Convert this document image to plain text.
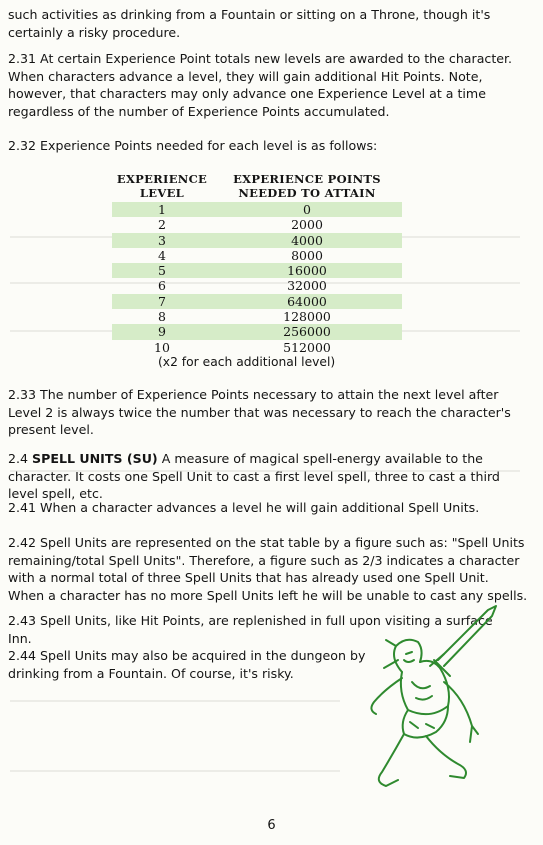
such activities as drinking from a Fountain or sitting on a Throne, though it's certainly a risky procedure.

2.31 At certain Experience Point totals new levels are awarded to the character. When characters advance a level, they will gain additional Hit Points. Note, however, that characters may only advance one Experience Level at a time regardless of the number of Experience Points accumulated.

2.32 Experience Points needed for each level is as follows:

EXPERIENCE LEVEL
EXPERIENCE POINTS NEEDED TO ATTAIN
1	0
2	2000
3	4000
4	8000
5	16000
6	32000
7	64000
8	128000
9	256000
10	512000
(x2 for each additional level)

2.33 The number of Experience Points necessary to attain the next level after Level 2 is always twice the number that was necessary to reach the character's present level.

2.4 SPELL UNITS (SU) A measure of magical spell-energy available to the character. It costs one Spell Unit to cast a first level spell, three to cast a third level spell, etc.

2.41 When a character advances a level he will gain additional Spell Units.

2.42 Spell Units are represented on the stat table by a figure such as: "Spell Units remaining/total Spell Units". Therefore, a figure such as 2/3 indicates a character with a normal total of three Spell Units that has already used one Spell Unit. When a character has no more Spell Units left he will be unable to cast any spells.

2.43 Spell Units, like Hit Points, are replenished in full upon visiting a surface Inn.

2.44 Spell Units may also be acquired in the dungeon by drinking from a Fountain. Of course, it's risky.

6
